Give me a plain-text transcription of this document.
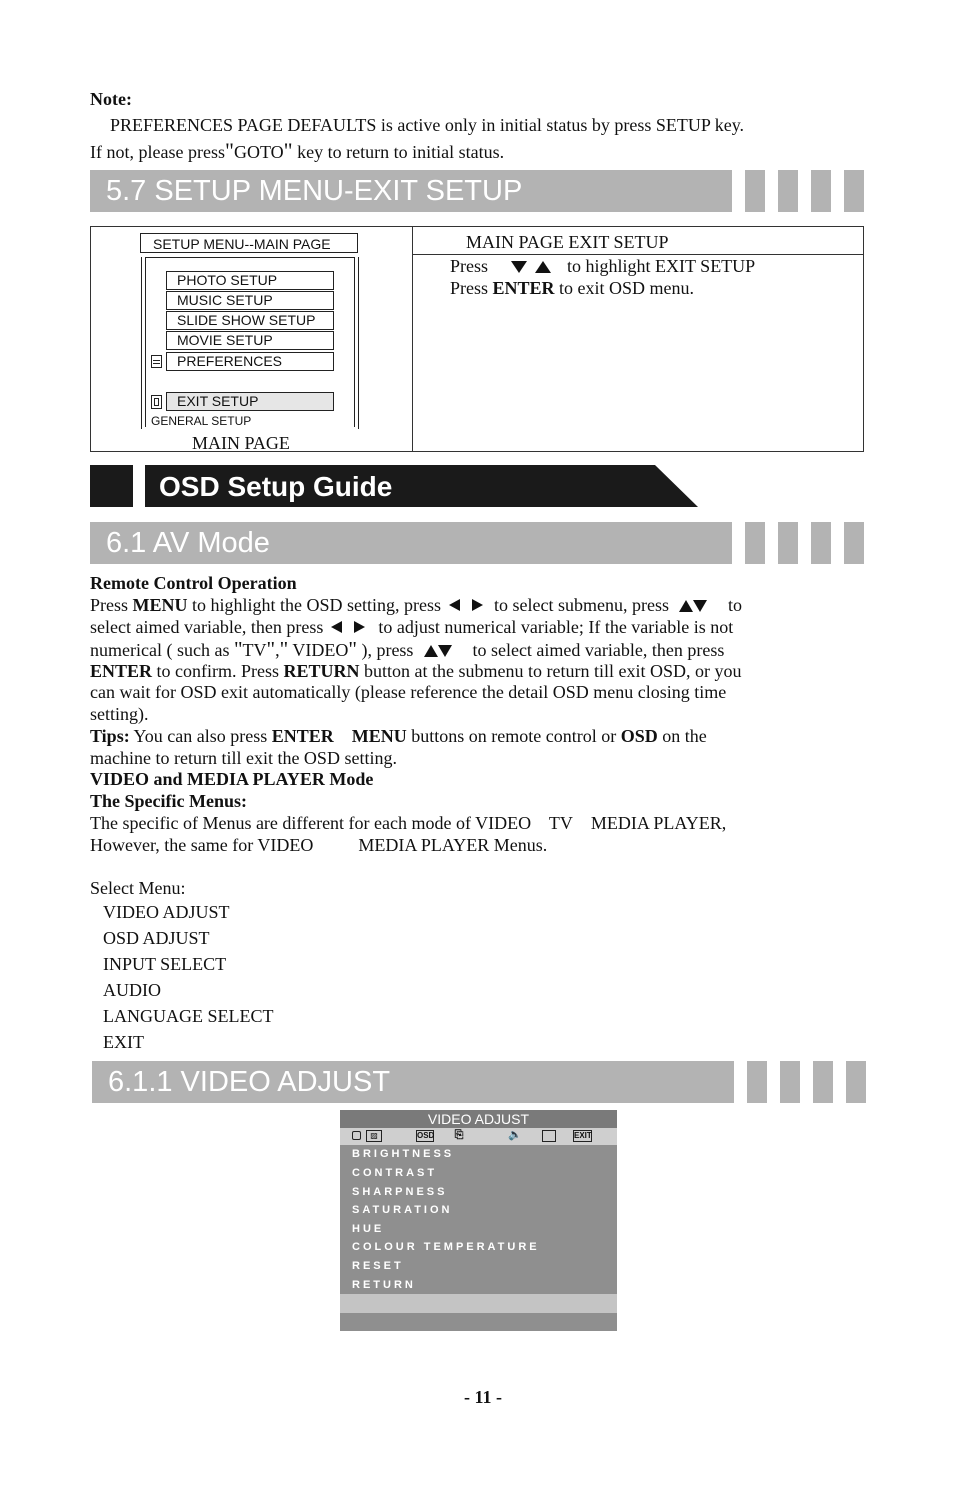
Note:
PREFERENCES PAGE DEFAULTS is active only in initial status by press SETUP key.
If not, please press"GOTO" key to return to initial status.
5.7 SETUP MENU-EXIT SETUP
SETUP MENU--MAIN PAGE
PHOTO SETUP
MUSIC SETUP
SLIDE SHOW SETUP
MOVIE SETUP
PREFERENCES
EXIT SETUP
GENERAL SETUP
MAIN PAGE
MAIN PAGE EXIT SETUP
Press	to highlight EXIT SETUP
Press ENTER to exit OSD menu.
OSD Setup Guide
6.1 AV Mode
Remote Control Operation
Press MENU to highlight the OSD setting, press	to select submenu, press	to
select aimed variable, then press	to adjust numerical variable; If the variable is not
numerical ( such as "TV"," VIDEO" ), press	to select aimed variable, then press
ENTER to confirm. Press RETURN button at the submenu to return till exit OSD, or you
can wait for OSD exit automatically (please reference the detail OSD menu closing time
setting).
Tips: You can also press ENTER MENU buttons on remote control or OSD on the
machine to return till exit the OSD setting.
VIDEO and MEDIA PLAYER Mode
The Specific Menus:
The specific of Menus are different for each mode of VIDEO TV MEDIA PLAYER,
However, the same for VIDEO	MEDIA PLAYER Menus.
Select Menu:
VIDEO ADJUST
OSD ADJUST
INPUT SELECT
AUDIO
LANGUAGE SELECT
EXIT
6.1.1 VIDEO ADJUST
VIDEO ADJUST
▨	OSD	⎘	🔈	EXIT
BRIGHTNESS
CONTRAST
SHARPNESS
SATURATION
HUE
COLOUR TEMPERATURE
RESET
RETURN
- 11 -
